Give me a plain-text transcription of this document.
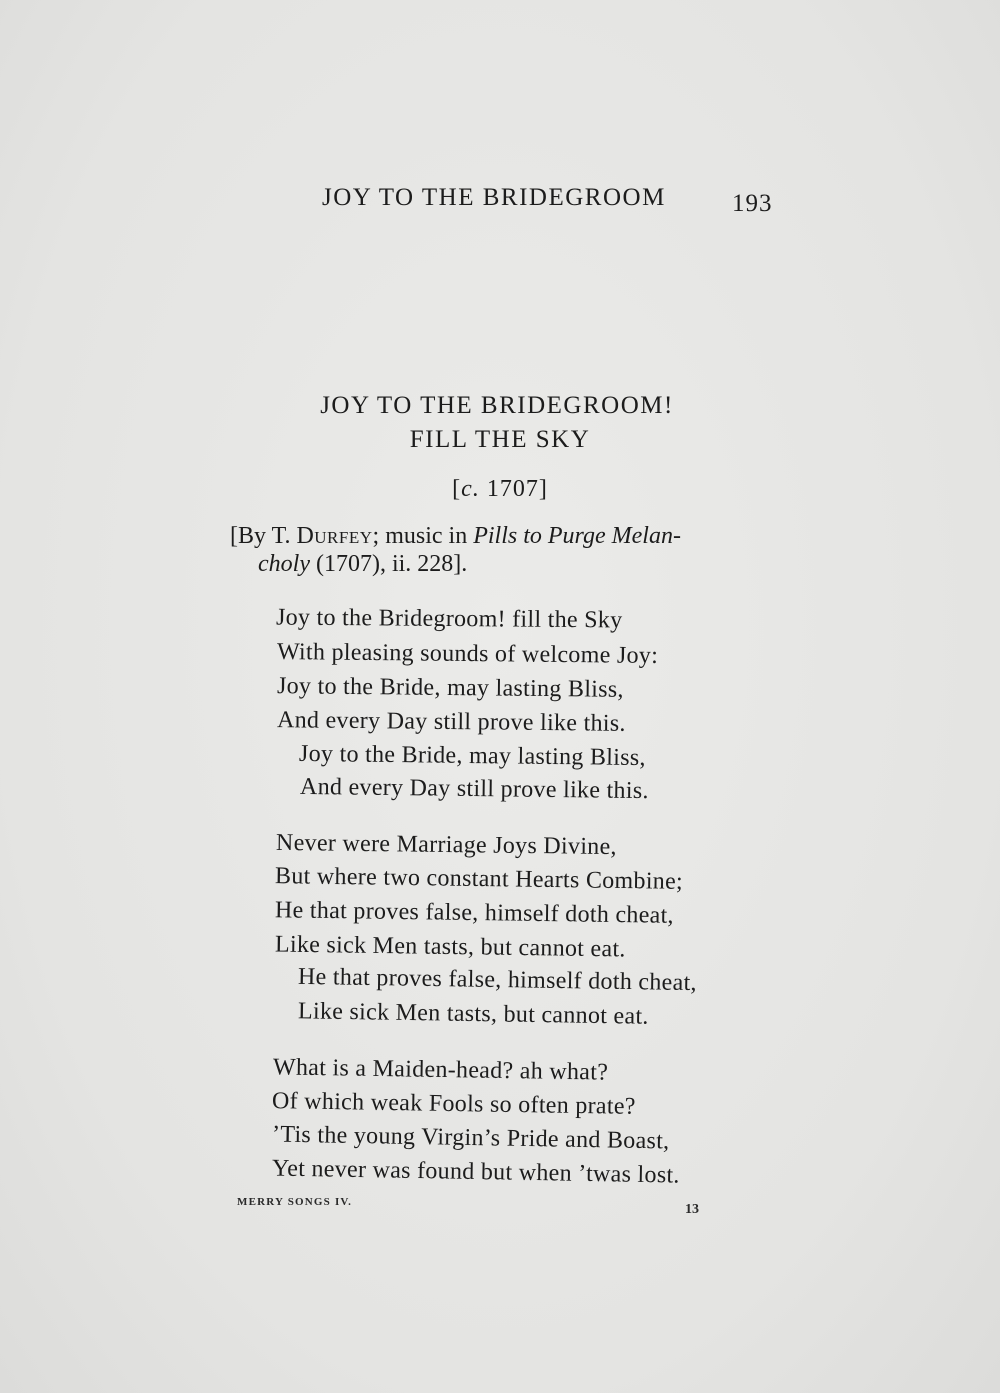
JOY TO THE BRIDEGROOM	193
JOY TO THE BRIDEGROOM!
FILL THE SKY
[c. 1707]
[By T. Durfey; music in Pills to Purge Melan-
choly (1707), ii. 228].
Joy to the Bridegroom! fill the Sky
With pleasing sounds of welcome Joy:
Joy to the Bride, may lasting Bliss,
And every Day still prove like this.
Joy to the Bride, may lasting Bliss,
And every Day still prove like this.
Never were Marriage Joys Divine,
But where two constant Hearts Combine;
He that proves false, himself doth cheat,
Like sick Men tasts, but cannot eat.
He that proves false, himself doth cheat,
Like sick Men tasts, but cannot eat.
What is a Maiden-head? ah what?
Of which weak Fools so often prate?
’Tis the young Virgin’s Pride and Boast,
Yet never was found but when ’twas lost.
MERRY SONGS IV.	13
